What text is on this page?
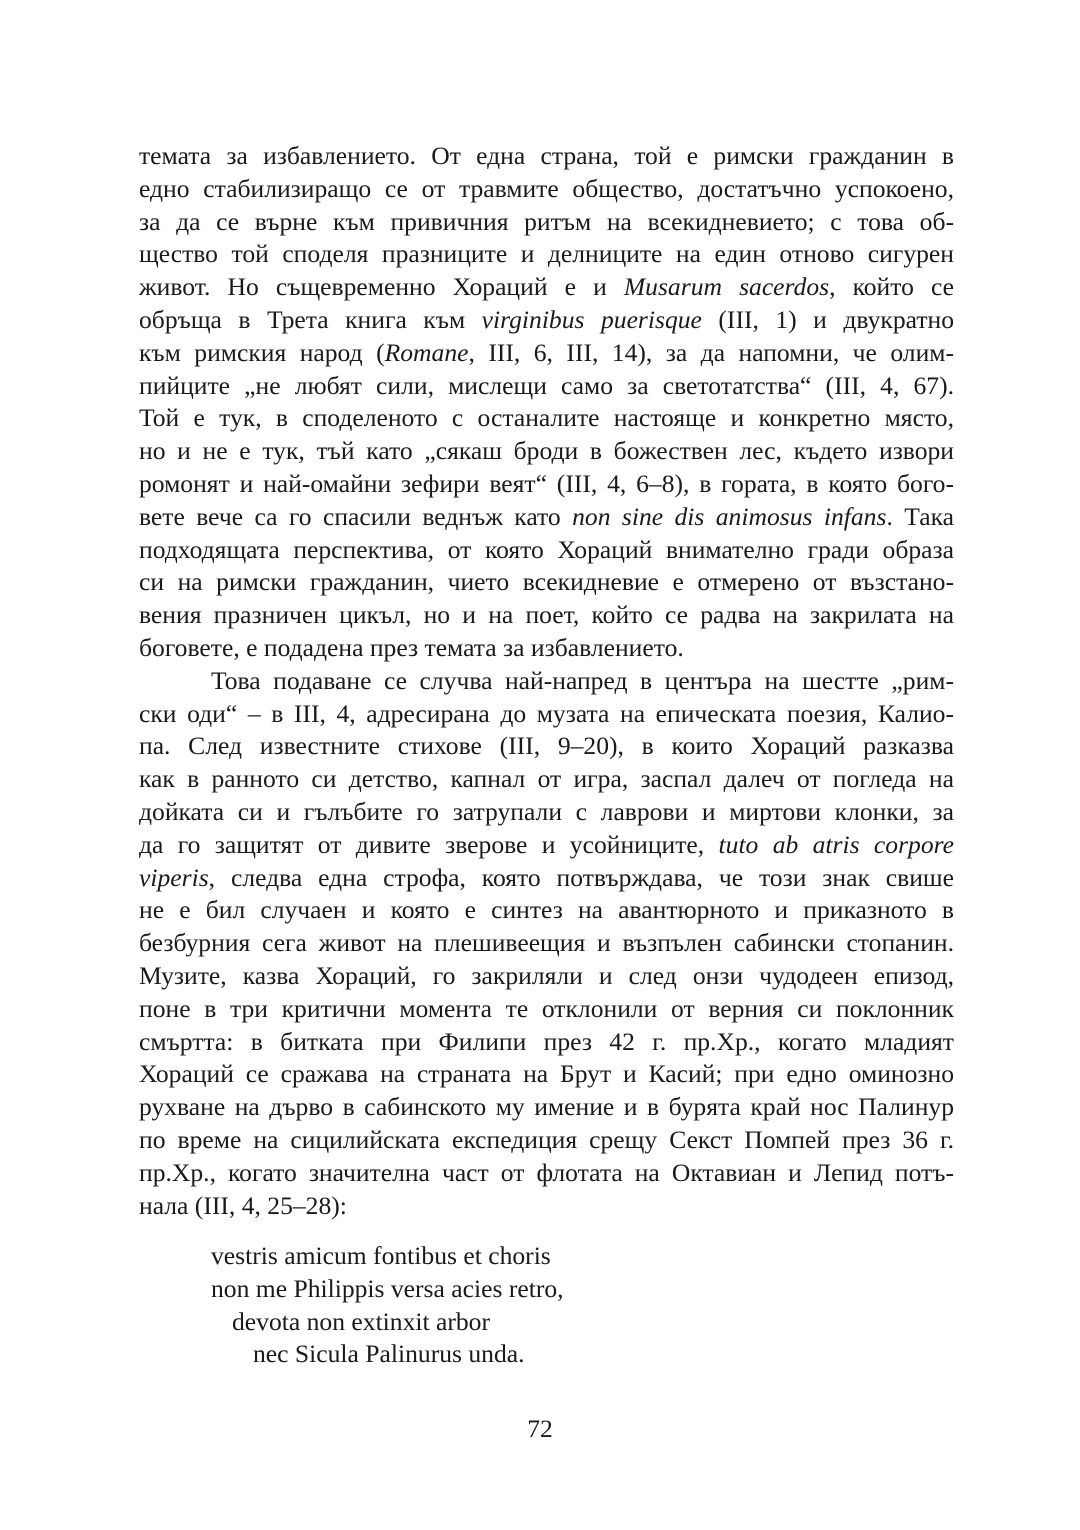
темата за избавлението. От една страна, той е римски гражданин в
едно стабилизиращо се от травмите общество, достатъчно успокоено,
за да се върне към привичния ритъм на всекидневието; с това об-
щество той споделя празниците и делниците на един отново сигурен
живот. Но същевременно Хораций е и Musarum sacerdos, който се
обръща в Трета книга към virginibus puerisque (III, 1) и двукратно
към римския народ (Romane, III, 6, III, 14), за да напомни, че олим-
пийците „не любят сили, мислещи само за светотатства“ (III, 4, 67).
Той е тук, в споделеното с останалите настояще и конкретно място,
но и не е тук, тъй като „сякаш броди в божествен лес, където извори
ромонят и най-омайни зефири веят“ (III, 4, 6–8), в гората, в която бого-
вете вече са го спасили веднъж като non sine dis animosus infans. Така
подходящата перспектива, от която Хораций внимателно гради образа
си на римски гражданин, чието всекидневие е отмерено от възстано-
вения празничен цикъл, но и на поет, който се радва на закрилата на
боговете, е подадена през темата за избавлението.
Това подаване се случва най-напред в центъра на шестте „рим-
ски оди“ – в III, 4, адресирана до музата на епическата поезия, Калио-
па. След известните стихове (III, 9–20), в които Хораций разказва
как в ранното си детство, капнал от игра, заспал далеч от погледа на
дойката си и гълъбите го затрупали с лаврови и миртови клонки, за
да го защитят от дивите зверове и усойниците, tuto ab atris corpore
viperis, следва една строфа, която потвърждава, че този знак свише
не е бил случаен и която е синтез на авантюрното и приказното в
безбурния сега живот на плешивеещия и възпълен сабински стопанин.
Музите, казва Хораций, го закриляли и след онзи чудодеен епизод,
поне в три критични момента те отклонили от верния си поклонник
смъртта: в битката при Филипи през 42 г. пр.Хр., когато младият
Хораций се сражава на страната на Брут и Касий; при едно оминозно
рухване на дърво в сабинското му имение и в бурята край нос Палинур
по време на сицилийската експедиция срещу Секст Помпей през 36 г.
пр.Хр., когато значителна част от флотата на Октавиан и Лепид потъ-
нала (III, 4, 25–28):
vestris amicum fontibus et choris
non me Philippis versa acies retro,
devota non extinxit arbor
nec Sicula Palinurus unda.
72
